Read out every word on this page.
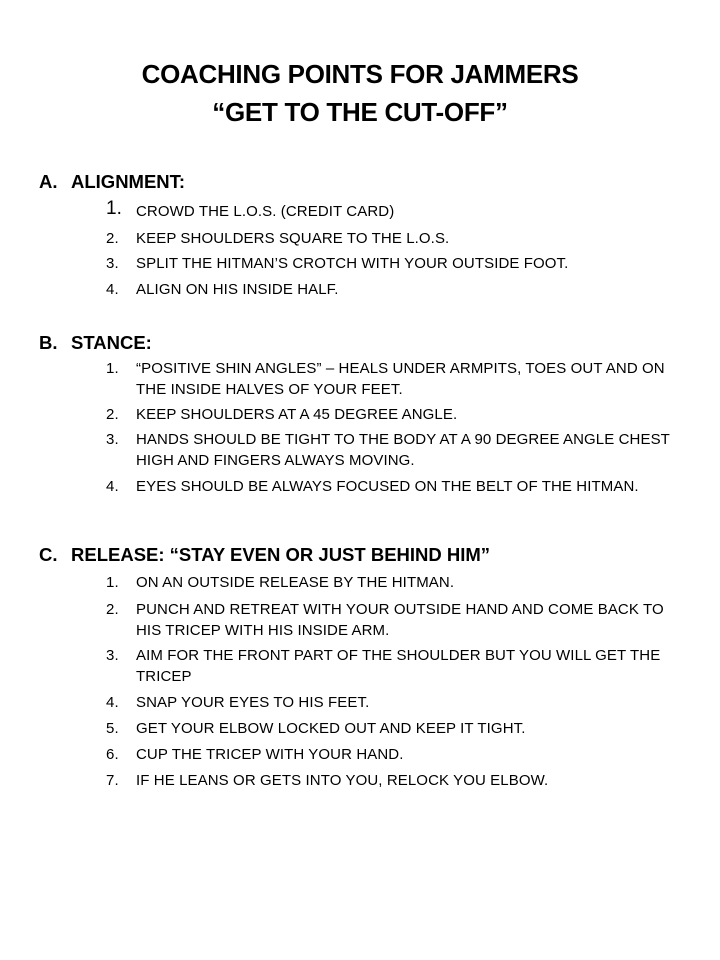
COACHING POINTS FOR JAMMERS
“GET TO THE CUT-OFF”
A. ALIGNMENT:
1. CROWD THE L.O.S. (CREDIT CARD)
2. KEEP SHOULDERS SQUARE TO THE L.O.S.
3. SPLIT THE HITMAN’S CROTCH WITH YOUR OUTSIDE FOOT.
4. ALIGN ON HIS INSIDE HALF.
B. STANCE:
1. “POSITIVE SHIN ANGLES” – HEALS UNDER ARMPITS, TOES OUT AND ON THE INSIDE HALVES OF YOUR FEET.
2. KEEP SHOULDERS AT A 45 DEGREE ANGLE.
3. HANDS SHOULD BE TIGHT TO THE BODY AT A 90 DEGREE ANGLE CHEST HIGH AND FINGERS ALWAYS MOVING.
4. EYES SHOULD BE ALWAYS FOCUSED ON THE BELT OF THE HITMAN.
C. RELEASE: “STAY EVEN OR JUST BEHIND HIM”
1. ON AN OUTSIDE RELEASE BY THE HITMAN.
2. PUNCH AND RETREAT WITH YOUR OUTSIDE HAND AND COME BACK TO HIS TRICEP WITH HIS INSIDE ARM.
3. AIM FOR THE FRONT PART OF THE SHOULDER BUT YOU WILL GET THE TRICEP
4. SNAP YOUR EYES TO HIS FEET.
5. GET YOUR ELBOW LOCKED OUT AND KEEP IT TIGHT.
6. CUP THE TRICEP WITH YOUR HAND.
7. IF HE LEANS OR GETS INTO YOU, RELOCK YOU ELBOW.
